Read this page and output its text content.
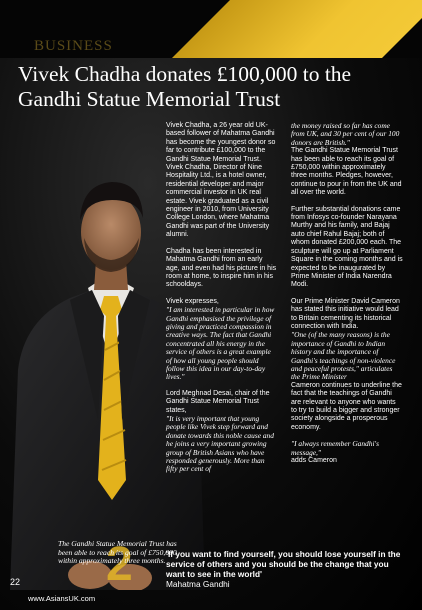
BUSINESS
Vivek Chadha donates £100,000 to the Gandhi Statue Memorial Trust

Vivek Chadha, a 26 year old UK-based follower of Mahatma Gandhi has become the youngest donor so far to contribute £100,000 to the Gandhi Statue Memorial Trust. Vivek Chadha, Director of Nine Hospitality Ltd., is a hotel owner, residential developer and major commercial investor in UK real estate. Vivek graduated as a civil engineer in 2010, from University College London, where Mahatma Gandhi was part of the University alumni.

Chadha has been interested in Mahatma Gandhi from an early age, and even had his picture in his room at home, to inspire him in his schooldays.

Vivek expresses,

"I am interested in particular in how Gandhi emphasised the privilege of giving and practiced compassion in creative ways. The fact that Gandhi concentrated all his energy in the service of others is a great example of how all young people should follow this idea in our day-to-day lives."

Lord Meghnad Desai, chair of the Gandhi Statue Memorial Trust states,

"It is very important that young people like Vivek step forward and donate towards this noble cause and he joins a very important growing group of British Asians who have responded generously. More than fifty per cent of

the money raised so far has come from UK, and 30 per cent of our 100 donors are British."

The Gandhi Statue Memorial Trust has been able to reach its goal of £750,000 within approximately three months. Pledges, however, continue to pour in from the UK and all over the world.

Further substantial donations came from Infosys co-founder Narayana Murthy and his family, and Bajaj auto chief Rahul Bajaj; both of whom donated £200,000 each. The sculpture will go up at Parliament Square in the coming months and is expected to be inaugurated by Prime Minister of India Narendra Modi.

Our Prime Minister David Cameron has stated this initiative would lead to Britain cementing its historical connection with India.

"One (of the many reasons) is the importance of Gandhi to Indian history and the importance of Gandhi's teachings of non-violence and peaceful protests," articulates the Prime Minister

Cameron continues to underline the fact that the teachings of Gandhi are relevant to anyone who wants to try to build a bigger and stronger society alongside a prosperous economy.

"I always remember Gandhi's message,"

adds Cameron

2
The Gandhi Statue Memorial Trust has been able to reach its goal of £750,000 within approximately three months.
'If you want to find yourself, you should lose yourself in the service of others and you should be the change that you want to see in the world'
Mahatma Gandhi
22
www.AsiansUK.com
